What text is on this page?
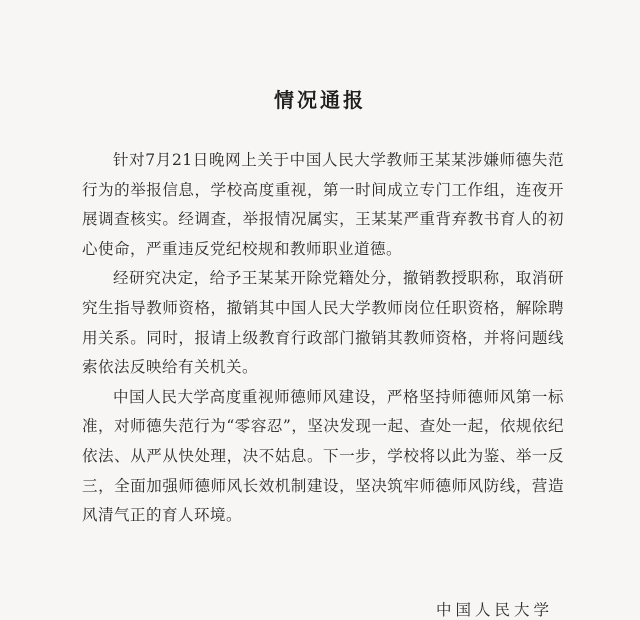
情况通报

针对7月21日晚网上关于中国人民大学教师王某某涉嫌师德失范行为的举报信息，学校高度重视，第一时间成立专门工作组，连夜开展调查核实。经调查，举报情况属实，王某某严重背弃教书育人的初心使命，严重违反党纪校规和教师职业道德。

经研究决定，给予王某某开除党籍处分，撤销教授职称，取消研究生指导教师资格，撤销其中国人民大学教师岗位任职资格，解除聘用关系。同时，报请上级教育行政部门撤销其教师资格，并将问题线索依法反映给有关机关。

中国人民大学高度重视师德师风建设，严格坚持师德师风第一标准，对师德失范行为“零容忍”，坚决发现一起、查处一起，依规依纪依法、从严从快处理，决不姑息。下一步，学校将以此为鉴、举一反三，全面加强师德师风长效机制建设，坚决筑牢师德师风防线，营造风清气正的育人环境。

中国人民大学
